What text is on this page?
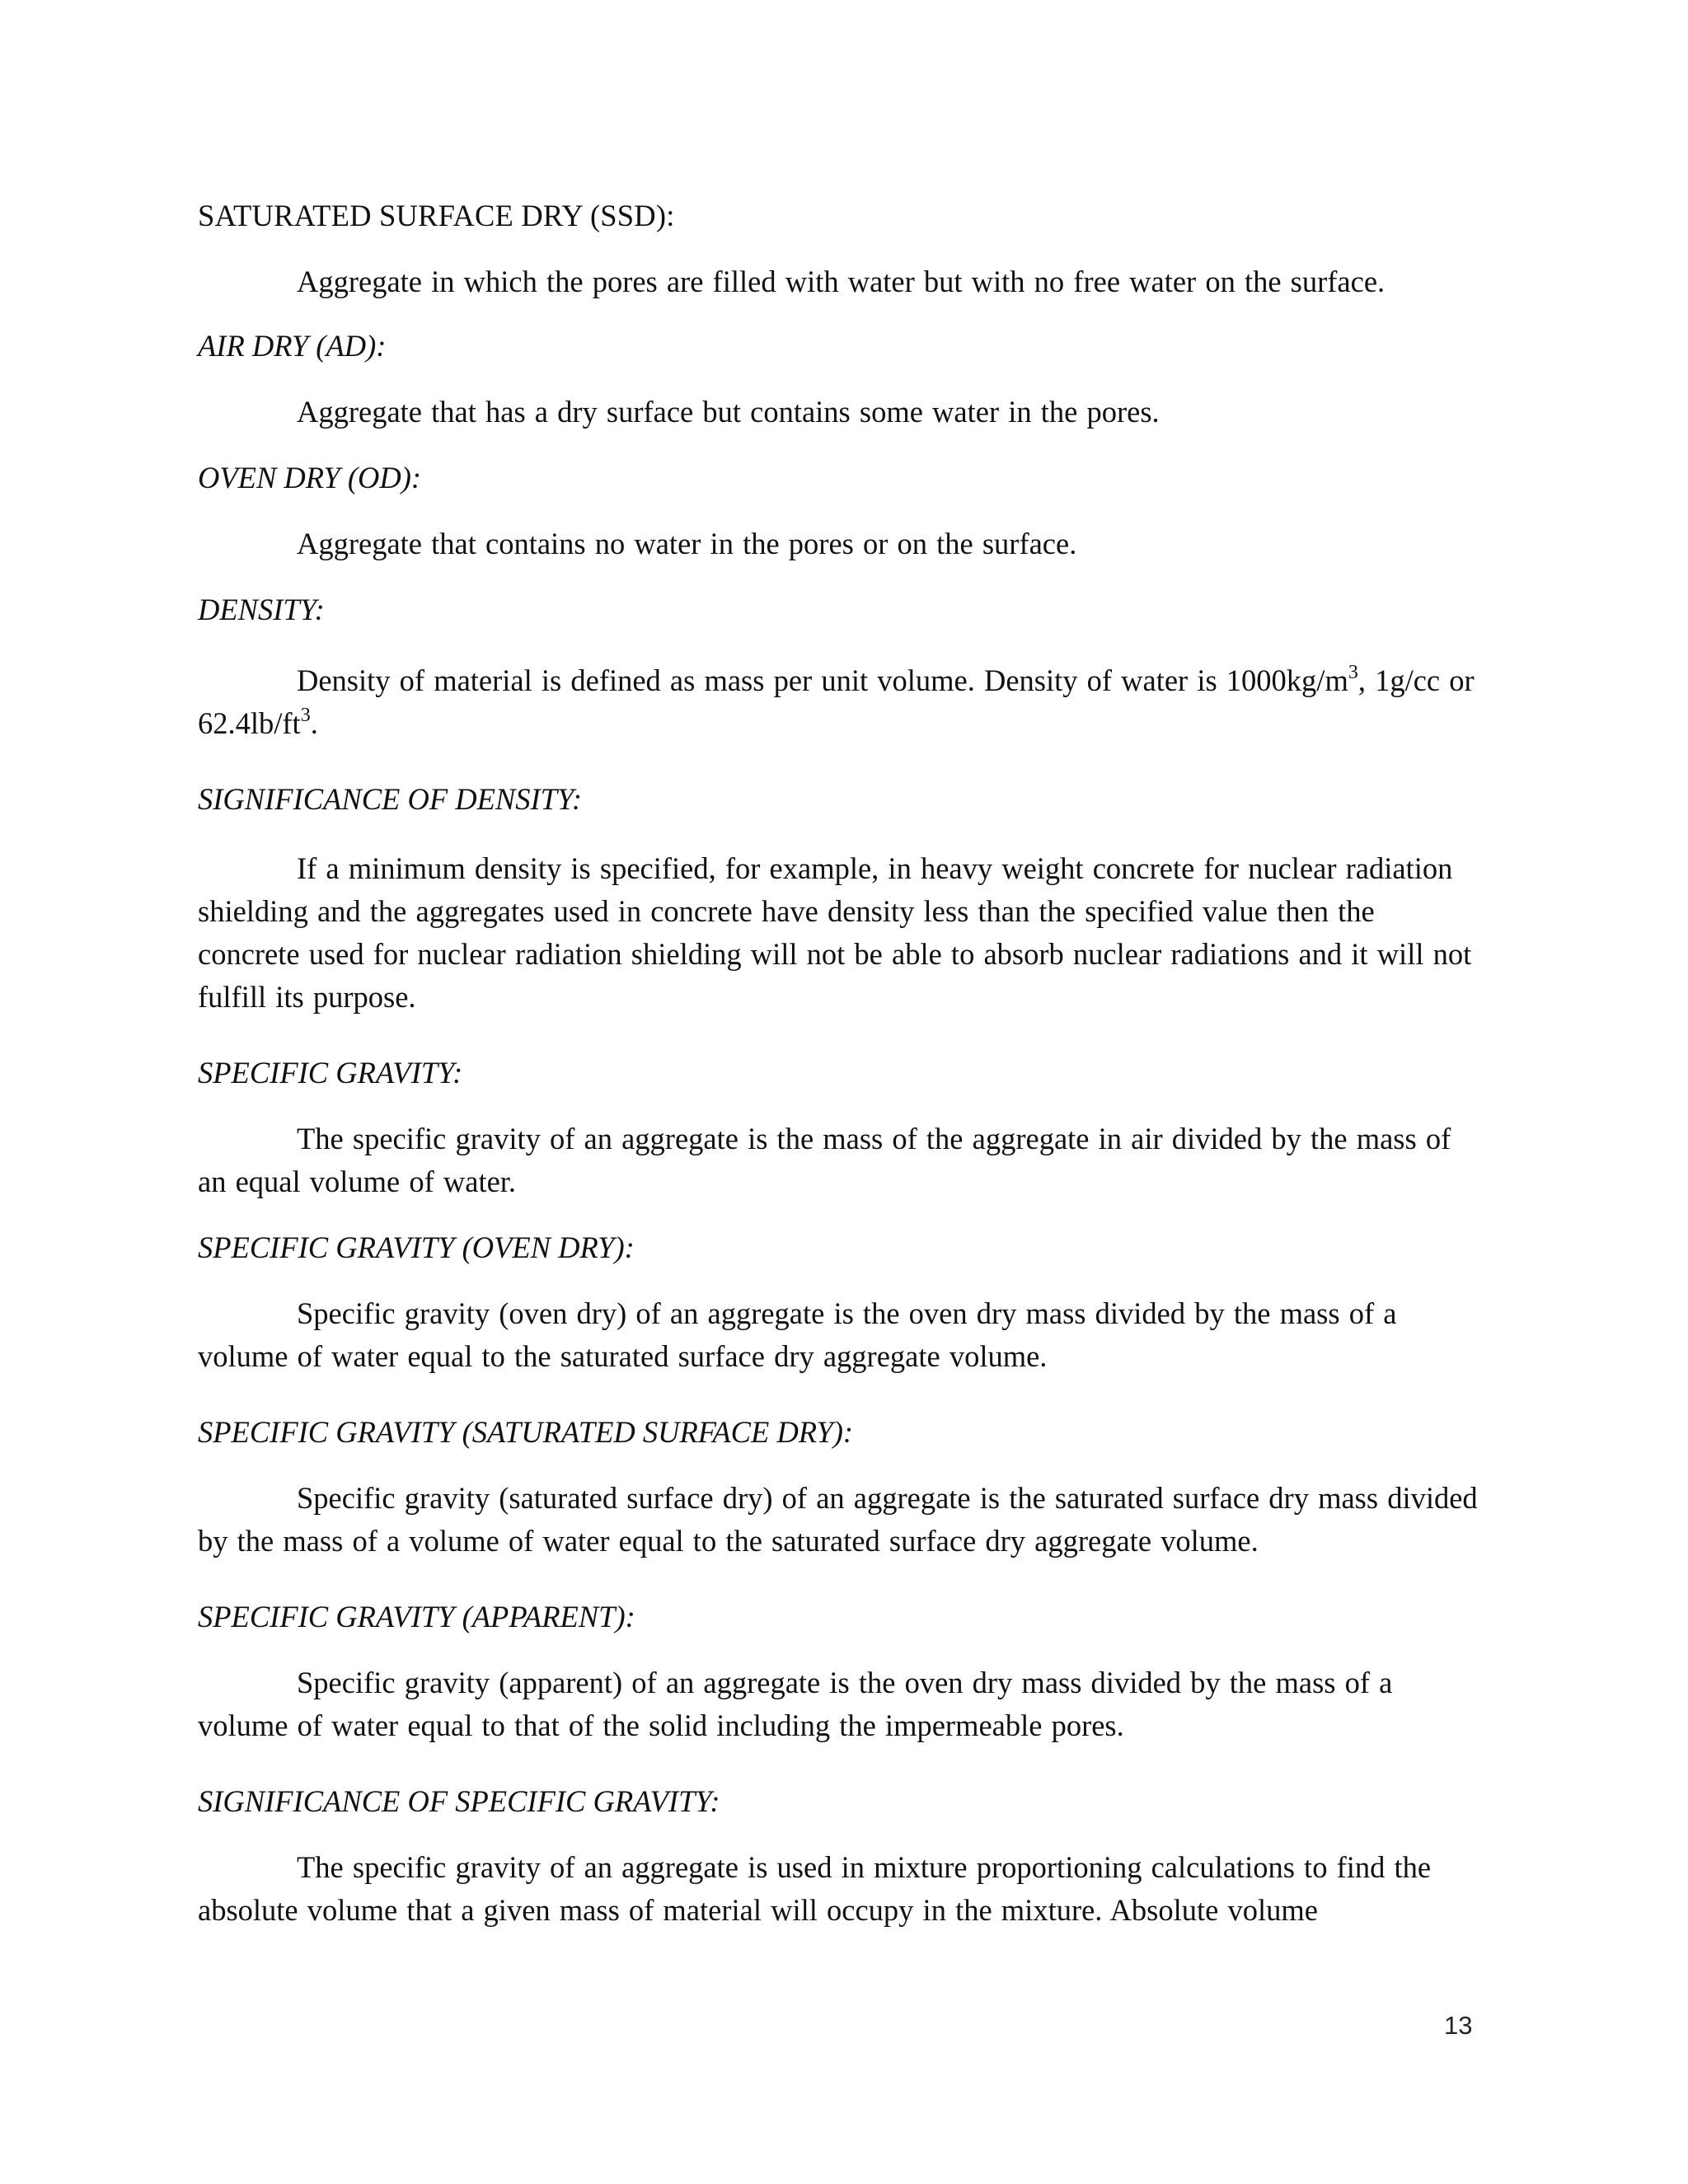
SATURATED SURFACE DRY (SSD):

Aggregate in which the pores are filled with water but with no free water on the surface.

AIR DRY (AD):

Aggregate that has a dry surface but contains some water in the pores.

OVEN DRY (OD):

Aggregate that contains no water in the pores or on the surface.

DENSITY:

Density of material is defined as mass per unit volume. Density of water is $1000kg/m^3$, 1g/cc or $62.4lb/ft^3$.

SIGNIFICANCE OF DENSITY:

If a minimum density is specified, for example, in heavy weight concrete for nuclear radiation shielding and the aggregates used in concrete have density less than the specified value then the concrete used for nuclear radiation shielding will not be able to absorb nuclear radiations and it will not fulfill its purpose.

SPECIFIC GRAVITY:

The specific gravity of an aggregate is the mass of the aggregate in air divided by the mass of an equal volume of water.

SPECIFIC GRAVITY (OVEN DRY):

Specific gravity (oven dry) of an aggregate is the oven dry mass divided by the mass of a volume of water equal to the saturated surface dry aggregate volume.

SPECIFIC GRAVITY (SATURATED SURFACE DRY):

Specific gravity (saturated surface dry) of an aggregate is the saturated surface dry mass divided by the mass of a volume of water equal to the saturated surface dry aggregate volume.

SPECIFIC GRAVITY (APPARENT):

Specific gravity (apparent) of an aggregate is the oven dry mass divided by the mass of a volume of water equal to that of the solid including the impermeable pores.

SIGNIFICANCE OF SPECIFIC GRAVITY:

The specific gravity of an aggregate is used in mixture proportioning calculations to find the absolute volume that a given mass of material will occupy in the mixture. Absolute volume

13
